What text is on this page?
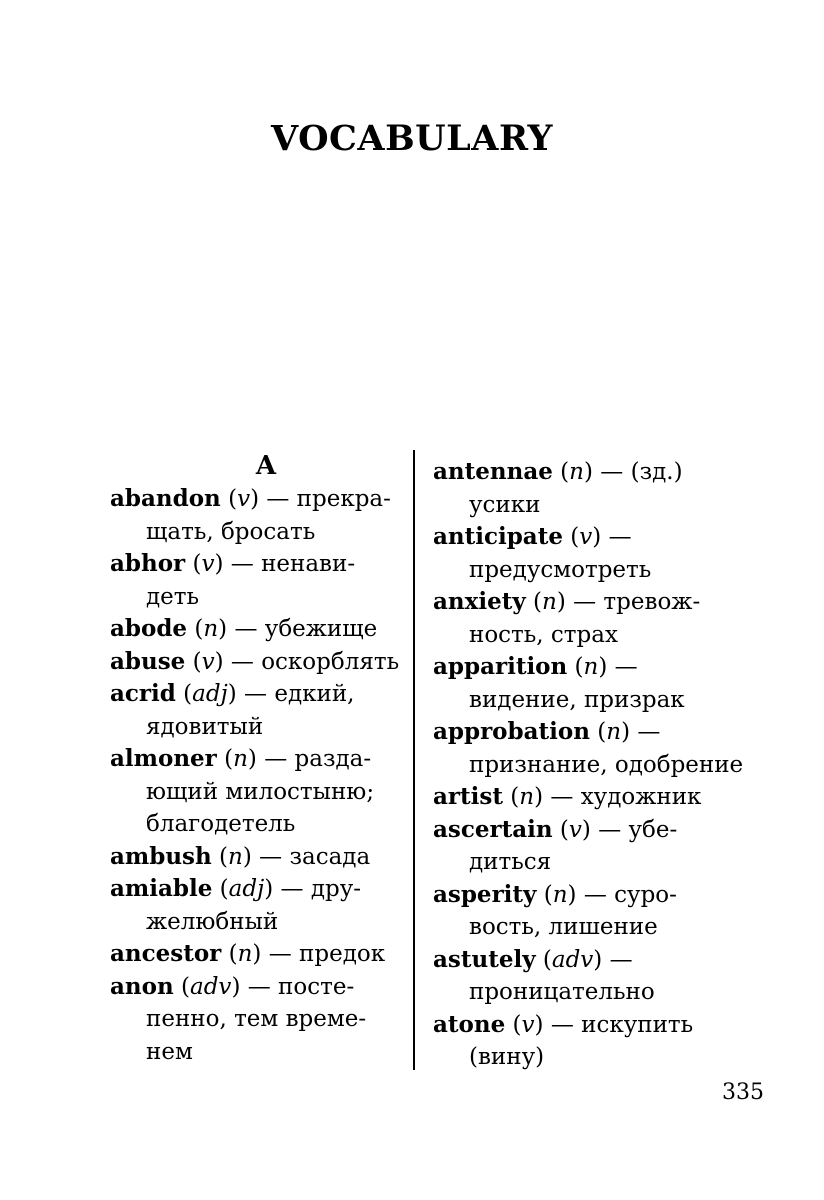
VOCABULARY
A
abandon (v) — прекра-
щать, бросать
abhor (v) — ненави-
деть
abode (n) — убежище
abuse (v) — оскорблять
acrid (adj) — едкий,
ядовитый
almoner (n) — разда-
ющий милостыню;
благодетель
ambush (n) — засада
amiable (adj) — дру-
желюбный
ancestor (n) — предок
anon (adv) — посте-
пенно, тем време-
нем
antennae (n) — (зд.)
усики
anticipate (v) —
предусмотреть
anxiety (n) — тревож-
ность, страх
apparition (n) —
видение, призрак
approbation (n) —
признание, одобрение
artist (n) — художник
ascertain (v) — убе-
диться
asperity (n) — суро-
вость, лишение
astutely (adv) —
проницательно
atone (v) — искупить
(вину)
335
